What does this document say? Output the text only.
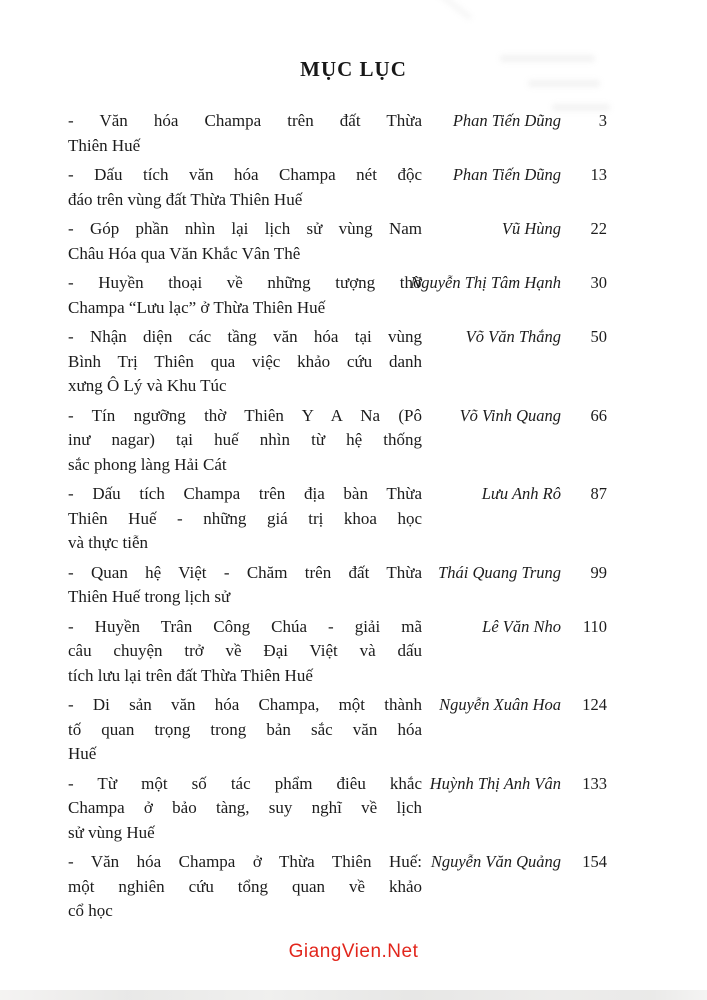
MỤC LỤC
- Văn hóa Champa trên đất Thừa
Thiên Huế
Phan Tiến Dũng	3
- Dấu tích văn hóa Champa nét độc
đáo trên vùng đất Thừa Thiên Huế
Phan Tiến Dũng	13
- Góp phần nhìn lại lịch sử vùng Nam
Châu Hóa qua Văn Khắc Vân Thê
Vũ Hùng	22
- Huyền thoại về những tượng thờ
Champa “Lưu lạc” ở Thừa Thiên Huế
Nguyễn Thị Tâm Hạnh	30
- Nhận diện các tầng văn hóa tại vùng
Bình Trị Thiên qua việc khảo cứu danh
xưng Ô Lý và Khu Túc
Võ Văn Thắng	50
- Tín ngưỡng thờ Thiên Y A Na (Pô
inư nagar) tại huế nhìn từ hệ thống
sắc phong làng Hải Cát
Võ Vinh Quang	66
- Dấu tích Champa trên địa bàn Thừa
Thiên Huế - những giá trị khoa học
và thực tiễn
Lưu Anh Rô	87
- Quan hệ Việt - Chăm trên đất Thừa
Thiên Huế trong lịch sử
Thái Quang Trung	99
- Huyền Trân Công Chúa - giải mã
câu chuyện trở về Đại Việt và dấu
tích lưu lại trên đất Thừa Thiên Huế
Lê Văn Nho	110
- Di sản văn hóa Champa, một thành
tố quan trọng trong bản sắc văn hóa
Huế
Nguyễn Xuân Hoa	124
- Từ một số tác phẩm điêu khắc
Champa ở bảo tàng, suy nghĩ về lịch
sử vùng Huế
Huỳnh Thị Anh Vân	133
- Văn hóa Champa ở Thừa Thiên Huế:
một nghiên cứu tổng quan về khảo
cổ học
Nguyễn Văn Quảng	154
GiangVien.Net
